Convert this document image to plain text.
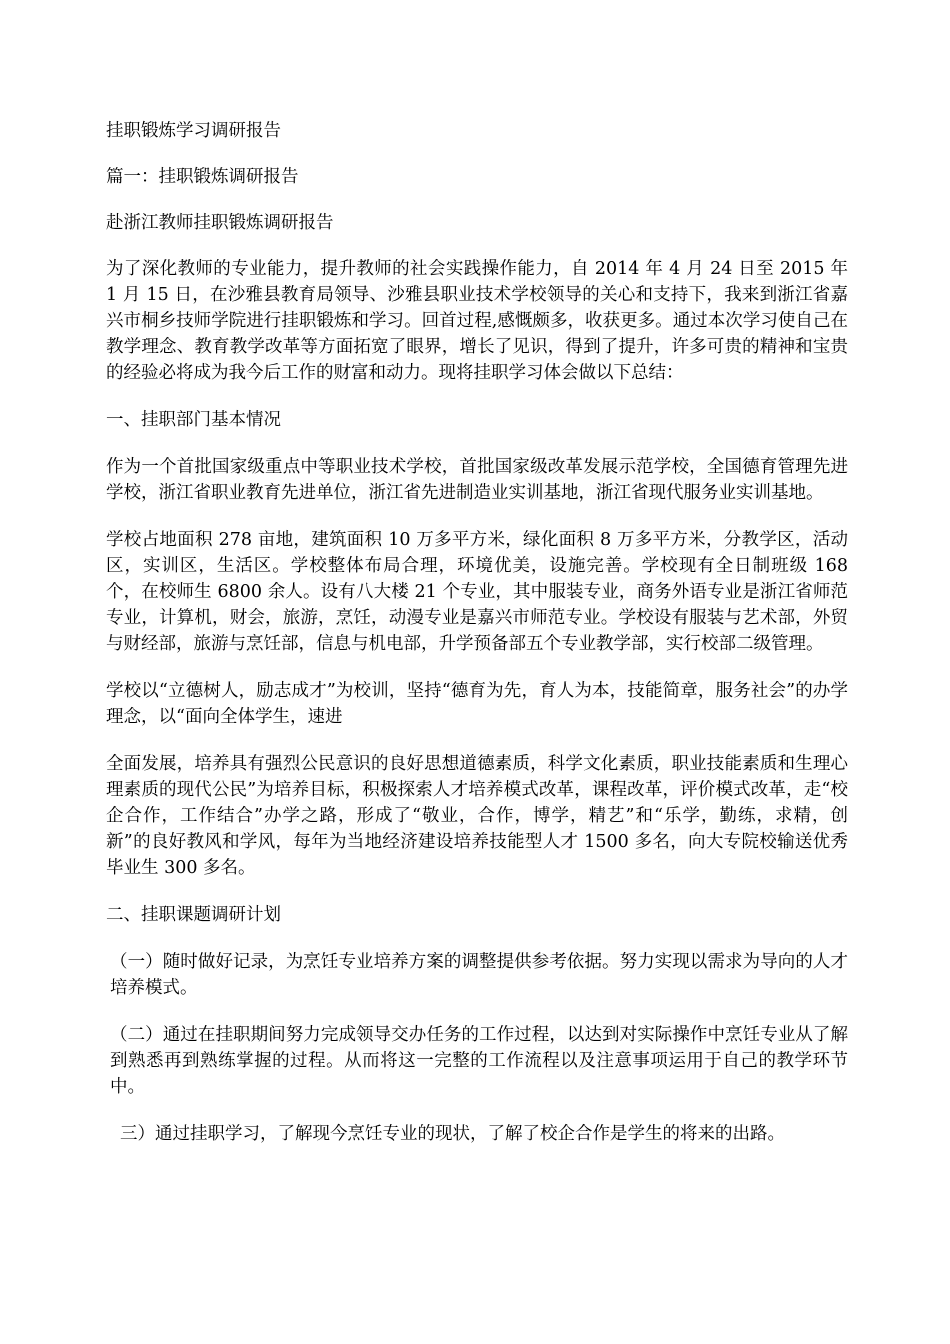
挂职锻炼学习调研报告

篇一：挂职锻炼调研报告

赴浙江教师挂职锻炼调研报告

为了深化教师的专业能力，提升教师的社会实践操作能力，自 2014 年 4 月 24 日至 2015 年 1 月 15 日，在沙雅县教育局领导、沙雅县职业技术学校领导的关心和支持下，我来到浙江省嘉兴市桐乡技师学院进行挂职锻炼和学习。回首过程,感慨颇多，收获更多。通过本次学习使自己在教学理念、教育教学改革等方面拓宽了眼界，增长了见识，得到了提升，许多可贵的精神和宝贵的经验必将成为我今后工作的财富和动力。现将挂职学习体会做以下总结：

一、挂职部门基本情况

作为一个首批国家级重点中等职业技术学校，首批国家级改革发展示范学校，全国德育管理先进学校，浙江省职业教育先进单位，浙江省先进制造业实训基地，浙江省现代服务业实训基地。

学校占地面积 278 亩地，建筑面积 10 万多平方米，绿化面积 8 万多平方米，分教学区，活动区，实训区，生活区。学校整体布局合理，环境优美，设施完善。学校现有全日制班级 168 个，在校师生 6800 余人。设有八大楼 21 个专业，其中服装专业，商务外语专业是浙江省师范专业，计算机，财会，旅游，烹饪，动漫专业是嘉兴市师范专业。学校设有服装与艺术部，外贸与财经部，旅游与烹饪部，信息与机电部，升学预备部五个专业教学部，实行校部二级管理。

学校以“立德树人，励志成才”为校训，坚持“德育为先，育人为本，技能简章，服务社会”的办学理念，以“面向全体学生，速进

全面发展，培养具有强烈公民意识的良好思想道德素质，科学文化素质，职业技能素质和生理心理素质的现代公民”为培养目标，积极探索人才培养模式改革，课程改革，评价模式改革，走“校企合作，工作结合”办学之路，形成了“敬业，合作，博学，精艺”和“乐学，勤练，求精，创新”的良好教风和学风，每年为当地经济建设培养技能型人才 1500 多名，向大专院校输送优秀毕业生 300 多名。

二、挂职课题调研计划

（一）随时做好记录，为烹饪专业培养方案的调整提供参考依据。努力实现以需求为导向的人才培养模式。

（二）通过在挂职期间努力完成领导交办任务的工作过程，以达到对实际操作中烹饪专业从了解到熟悉再到熟练掌握的过程。从而将这一完整的工作流程以及注意事项运用于自己的教学环节中。

三）通过挂职学习，了解现今烹饪专业的现状，了解了校企合作是学生的将来的出路。
